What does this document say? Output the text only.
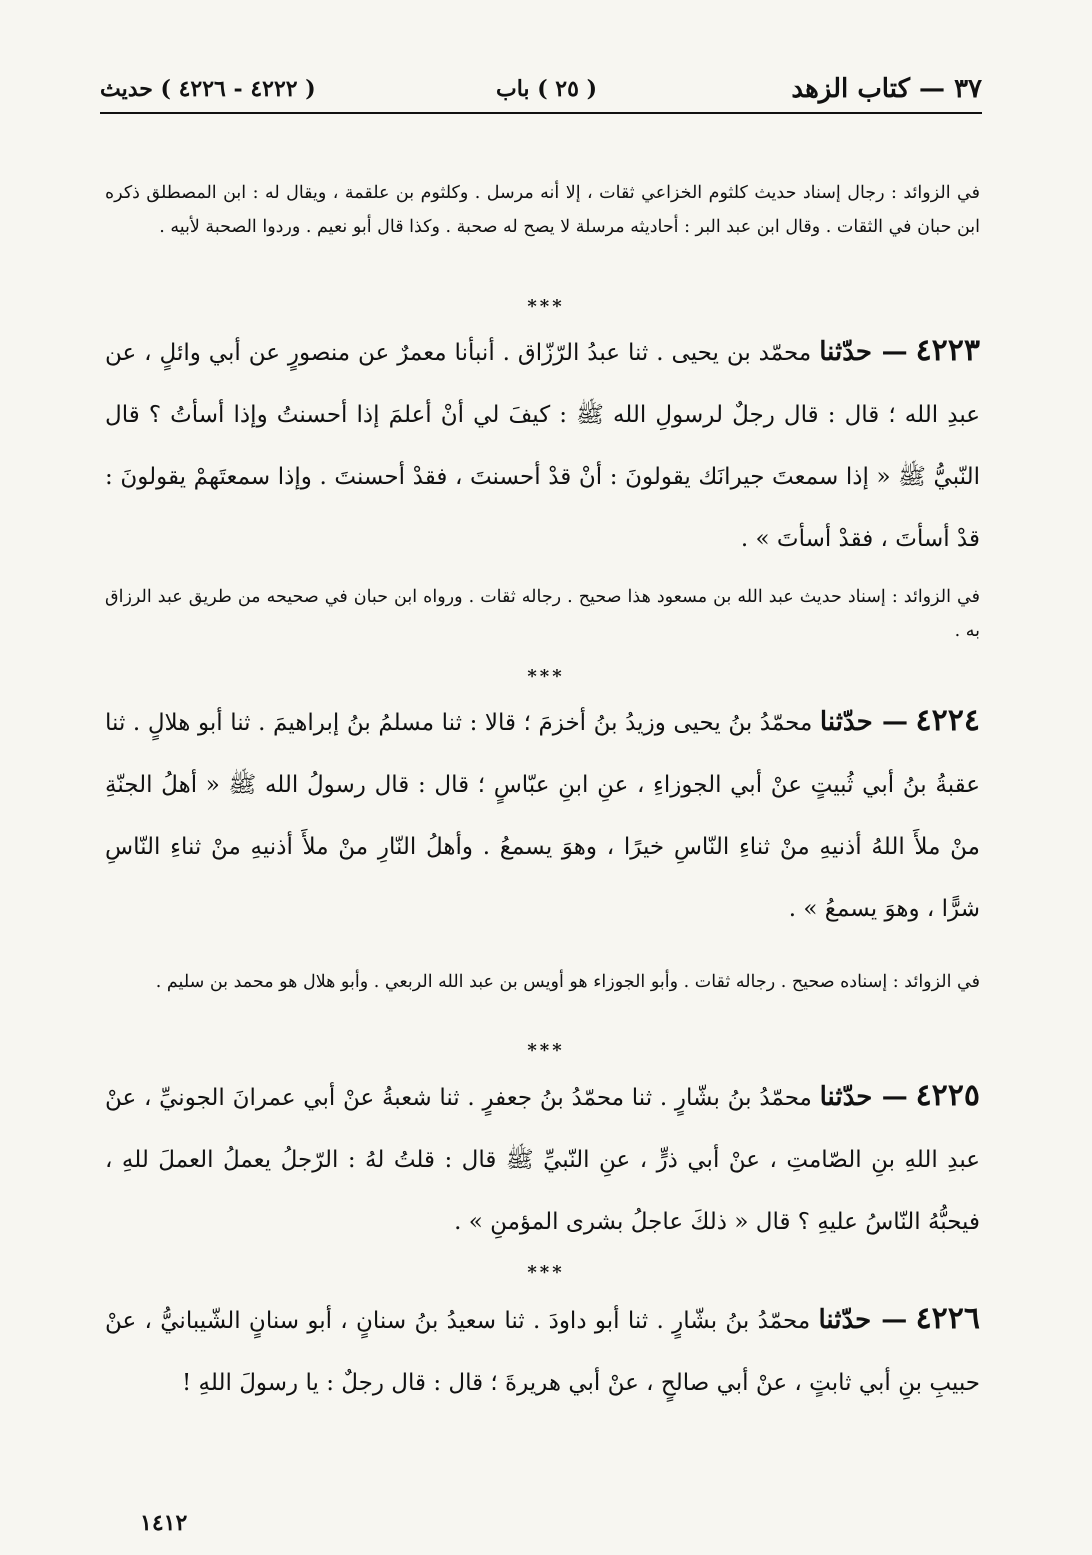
٣٧ — كتاب الزهد
( ٢٥ ) باب
( ٤٢٢٢ - ٤٢٢٦ ) حديث
في الزوائد : رجال إسناد حديث كلثوم الخزاعي ثقات ، إلا أنه مرسل . وكلثوم بن علقمة ، ويقال له : ابن المصطلق ذكره ابن حبان في الثقات . وقال ابن عبد البر : أحاديثه مرسلة لا يصح له صحبة . وكذا قال أبو نعيم . وردوا الصحبة لأبيه .
***
٤٢٢٣ — حدّثنا محمّد بن يحيى . ثنا عبدُ الرّزّاق . أنبأنا معمرٌ عن منصورٍ عن أبي وائلٍ ، عن عبدِ الله ؛ قال : قال رجلٌ لرسولِ الله ﷺ : كيفَ لي أنْ أعلمَ إذا أحسنتُ وإذا أسأتُ ؟ قال النّبيُّ ﷺ « إذا سمعتَ جيرانَك يقولونَ : أنْ قدْ أحسنتَ ، فقدْ أحسنتَ . وإذا سمعتَهمْ يقولونَ : قدْ أسأتَ ، فقدْ أسأتَ » .
في الزوائد : إسناد حديث عبد الله بن مسعود هذا صحيح . رجاله ثقات . ورواه ابن حبان في صحيحه من طريق عبد الرزاق به .
***
٤٢٢٤ — حدّثنا محمّدُ بنُ يحيى وزيدُ بنُ أخزمَ ؛ قالا : ثنا مسلمُ بنُ إبراهيمَ . ثنا أبو هلالٍ . ثنا عقبةُ بنُ أبي ثُبيتٍ عنْ أبي الجوزاءِ ، عنِ ابنِ عبّاسٍ ؛ قال : قال رسولُ الله ﷺ « أهلُ الجنّةِ منْ ملأَ اللهُ أذنيهِ منْ ثناءِ النّاسِ خيرًا ، وهوَ يسمعُ . وأهلُ النّارِ منْ ملأَ أذنيهِ منْ ثناءِ النّاسِ شرًّا ، وهوَ يسمعُ » .
في الزوائد : إسناده صحيح . رجاله ثقات . وأبو الجوزاء هو أويس بن عبد الله الربعي . وأبو هلال هو محمد بن سليم .
***
٤٢٢٥ — حدّثنا محمّدُ بنُ بشّارٍ . ثنا محمّدُ بنُ جعفرٍ . ثنا شعبةُ عنْ أبي عمرانَ الجونيِّ ، عنْ عبدِ اللهِ بنِ الصّامتِ ، عنْ أبي ذرٍّ ، عنِ النّبيِّ ﷺ قال : قلتُ لهُ : الرّجلُ يعملُ العملَ للهِ ، فيحبُّهُ النّاسُ عليهِ ؟ قال « ذلكَ عاجلُ بشرى المؤمنِ » .
***
٤٢٢٦ — حدّثنا محمّدُ بنُ بشّارٍ . ثنا أبو داودَ . ثنا سعيدُ بنُ سنانٍ ، أبو سنانٍ الشّيبانيُّ ، عنْ حبيبِ بنِ أبي ثابتٍ ، عنْ أبي صالحٍ ، عنْ أبي هريرةَ ؛ قال : قال رجلٌ : يا رسولَ اللهِ !
١٤١٢
